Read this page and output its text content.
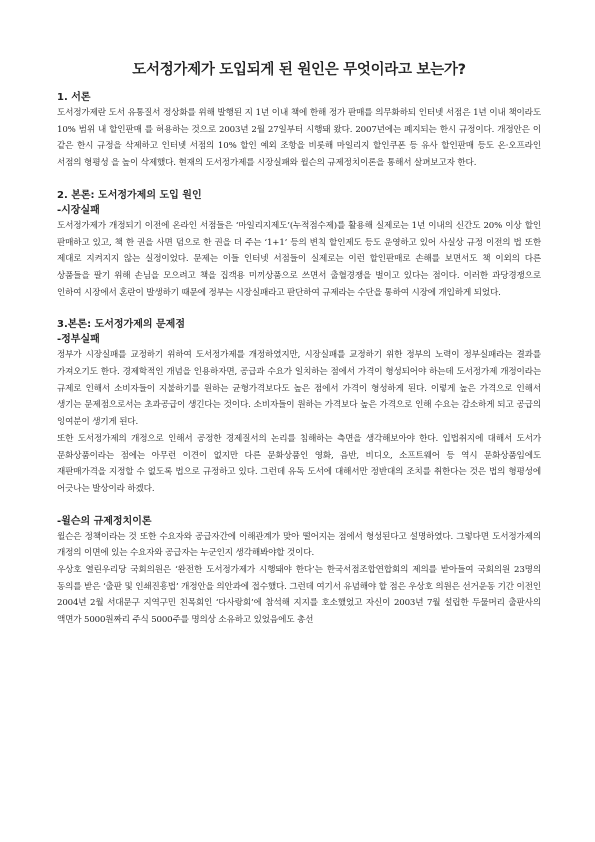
도서정가제가 도입되게 된 원인은 무엇이라고 보는가?
1. 서론

도서정가제란 도서 유통질서 정상화를 위해 발행된 지 1년 이내 책에 한해 정가 판매를 의무화하되 인터넷 서점은 1년 이내 책이라도 10% 범위 내 할인판매 를 허용하는 것으로 2003년 2월 27일부터 시행돼 왔다. 2007년에는 폐지되는 한시 규정이다. 개정안은 이 같은 한시 규정을 삭제하고 인터넷 서점의 10% 할인 예외 조항을 비롯해 마일리지 할인쿠폰 등 유사 할인판매 등도 온·오프라인 서점의 형평성 을 높이 삭제했다. 현재의 도서정가제를 시장실패와 윌슨의 규제정치이론을 통해서 살펴보고자 한다.

2. 본론: 도서정가제의 도입 원인
-시장실패

도서정가제가 개정되기 이전에 온라인 서점들은 ‘마일리지제도’(누적점수제)를 활용해 실제로는 1년 이내의 신간도 20% 이상 할인 판매하고 있고, 책 한 권을 사면 덤으로 한 권을 더 주는 ‘1+1’ 등의 변칙 할인제도 등도 운영하고 있어 사실상 규정 이전의 법 또한 제대로 지켜지지 않는 실정이었다. 문제는 이들 인터넷 서점들이 실제로는 이런 할인판매로 손해를 보면서도 책 이외의 다른 상품들을 팔기 위해 손님을 모으려고 책을 집객용 미끼상품으로 쓰면서 출혈경쟁을 벌이고 있다는 점이다. 이러한 과당경쟁으로 인하여 시장에서 혼란이 발생하기 때문에 정부는 시장실패라고 판단하여 규제라는 수단을 통하여 시장에 개입하게 되었다.

3.본론: 도서정가제의 문제점
-정부실패

정부가 시장실패를 교정하기 위하여 도서정가제를 개정하였지만, 시장실패를 교정하기 위한 정부의 노력이 정부실패라는 결과를 가져오기도 한다. 경제학적인 개념을 인용하자면, 공급과 수요가 일치하는 점에서 가격이 형성되어야 하는데 도서정가제 개정이라는 규제로 인해서 소비자들이 지불하기를 원하는 균형가격보다도 높은 점에서 가격이 형성하게 된다. 이렇게 높은 가격으로 인해서 생기는 문제점으로서는 초과공급이 생긴다는 것이다. 소비자들이 원하는 가격보다 높은 가격으로 인해 수요는 감소하게 되고 공급의 잉여분이 생기게 된다.

또한 도서정가제의 개정으로 인해서 공정한 경제질서의 논리를 침해하는 측면을 생각해보아야 한다. 입법취지에 대해서 도서가 문화상품이라는 점에는 아무런 이견이 없지만 다른 문화상품인 영화, 음반, 비디오, 소프트웨어 등 역시 문화상품임에도 재판매가격을 지정할 수 없도록 법으로 규정하고 있다. 그런데 유독 도서에 대해서만 정반대의 조치를 취한다는 것은 법의 형평성에 어긋나는 발상이라 하겠다.

-윌슨의 규제정치이론

윌슨은 정책이라는 것 또한 수요자와 공급자간에 이해관계가 맞아 떨어지는 점에서 형성된다고 설명하였다. 그렇다면 도서정가제의 개정의 이면에 있는 수요자와 공급자는 누군인지 생각해봐야할 것이다.

우상호 열린우리당 국회의원은 ‘완전한 도서정가제가 시행돼야 한다’는 한국서점조합연합회의 제의를 받아들여 국회의원 23명의 동의를 받은 ‘출판 및 인쇄진흥법’ 개정안을 의안과에 접수했다. 그런데 여기서 유념해야 할 점은 우상호 의원은 선거운동 기간 이전인 2004년 2월 서대문구 지역구민 친목회인 ‘다사랑회’에 참석해 지지를 호소했었고 자신이 2003년 7월 설립한 두물머리 출판사의 액면가 5000원짜리 주식 5000주를 명의상 소유하고 있었음에도 총선
